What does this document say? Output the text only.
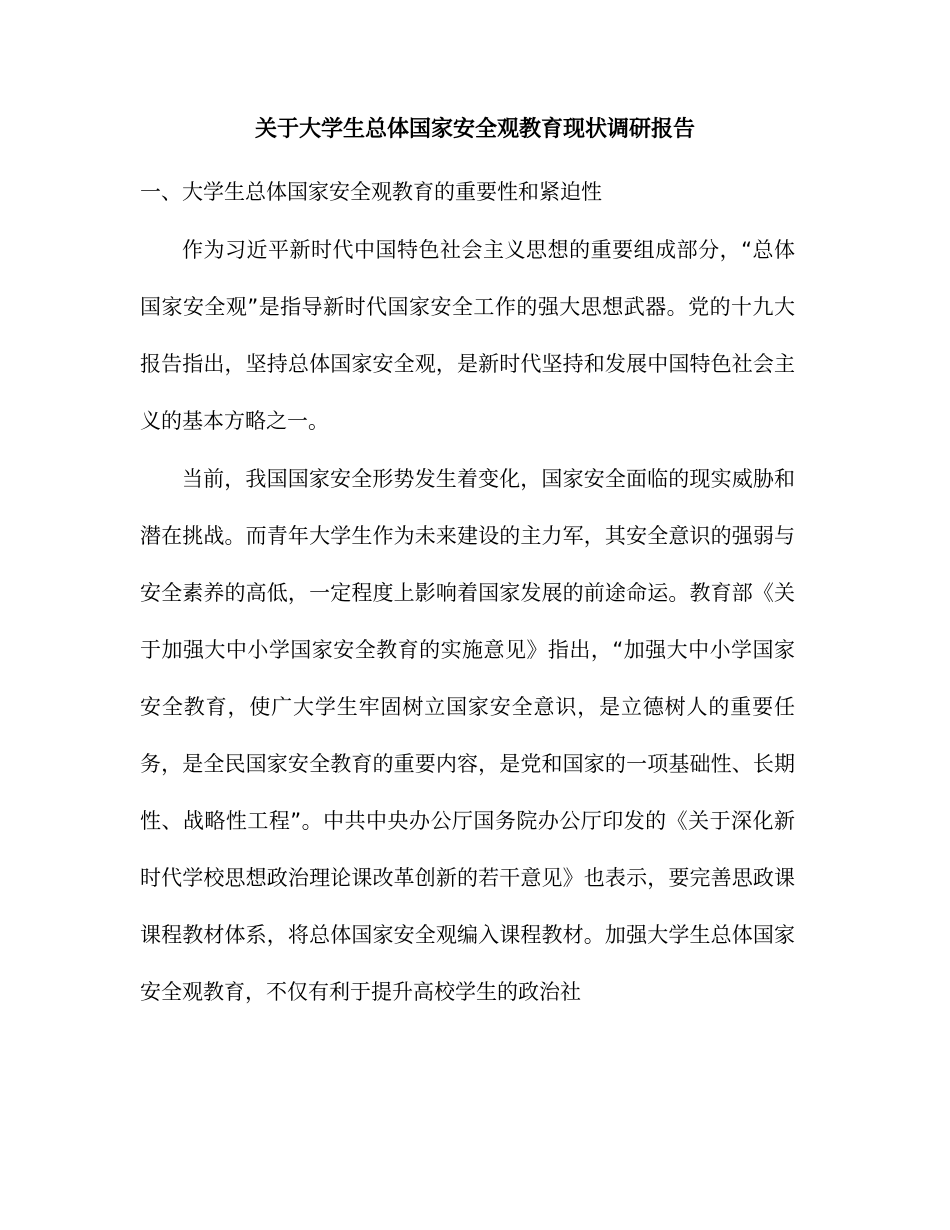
关于大学生总体国家安全观教育现状调研报告

一、大学生总体国家安全观教育的重要性和紧迫性

作为习近平新时代中国特色社会主义思想的重要组成部分，“总体国家安全观”是指导新时代国家安全工作的强大思想武器。党的十九大报告指出，坚持总体国家安全观，是新时代坚持和发展中国特色社会主义的基本方略之一。

当前，我国国家安全形势发生着变化，国家安全面临的现实威胁和潜在挑战。而青年大学生作为未来建设的主力军，其安全意识的强弱与安全素养的高低，一定程度上影响着国家发展的前途命运。教育部《关于加强大中小学国家安全教育的实施意见》指出，“加强大中小学国家安全教育，使广大学生牢固树立国家安全意识，是立德树人的重要任务，是全民国家安全教育的重要内容，是党和国家的一项基础性、长期性、战略性工程”。中共中央办公厅国务院办公厅印发的《关于深化新时代学校思想政治理论课改革创新的若干意见》也表示，要完善思政课课程教材体系，将总体国家安全观编入课程教材。加强大学生总体国家安全观教育，不仅有利于提升高校学生的政治社
